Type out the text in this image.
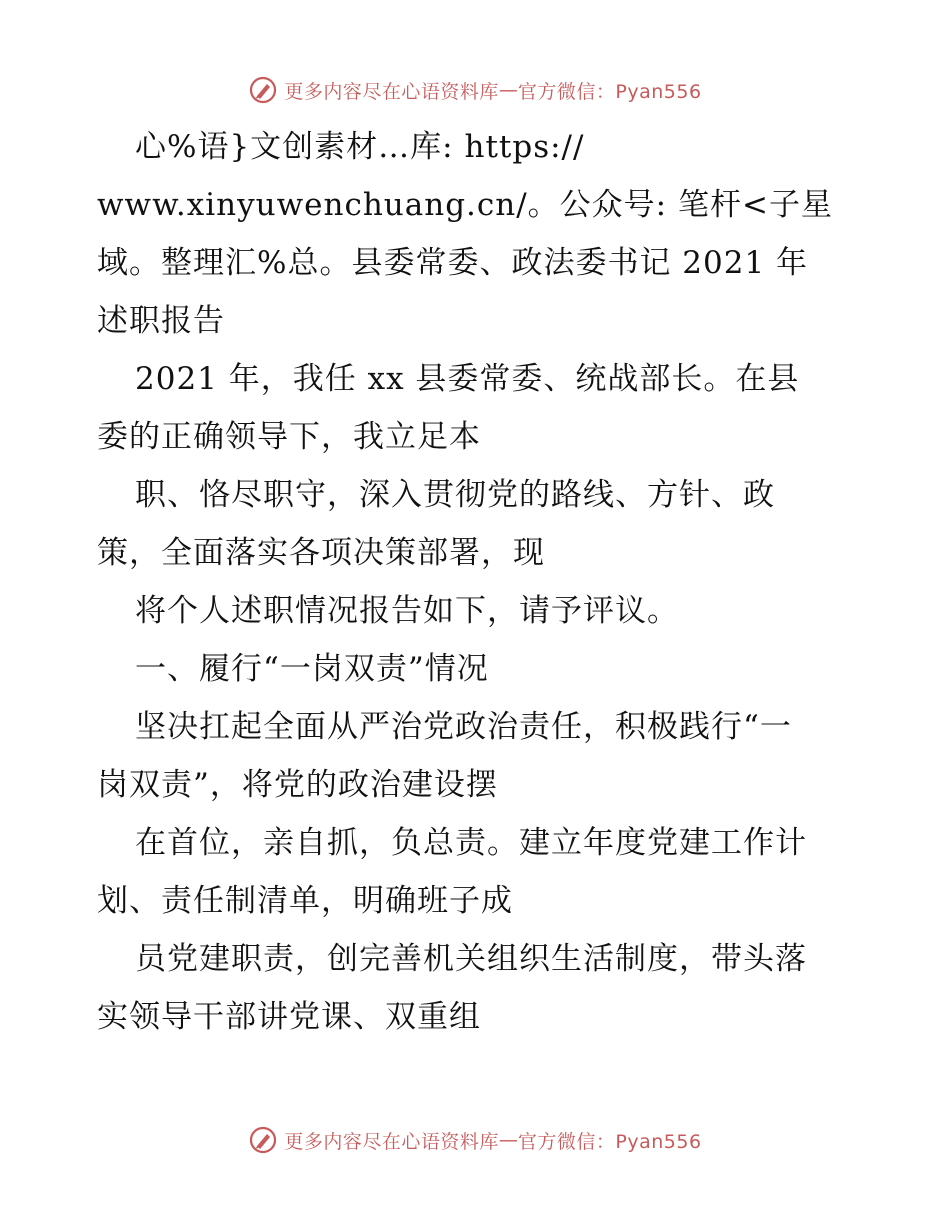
更多内容尽在心语资料库 — 官方微信：Pyan556
心%语}文创素材…库: https://
www.xinyuwenchuang.cn/。公众号: 笔杆<子星
域。整理汇%总。县委常委、政法委书记 2021 年
述职报告
2021 年，我任 xx 县委常委、统战部长。在县
委的正确领导下，我立足本
职、恪尽职守，深入贯彻党的路线、方针、政
策，全面落实各项决策部署，现
将个人述职情况报告如下，请予评议。
一、履行“一岗双责”情况
坚决扛起全面从严治党政治责任，积极践行“一
岗双责”，将党的政治建设摆
在首位，亲自抓，负总责。建立年度党建工作计
划、责任制清单，明确班子成
员党建职责，创完善机关组织生活制度，带头落
实领导干部讲党课、双重组
更多内容尽在心语资料库 — 官方微信：Pyan556
